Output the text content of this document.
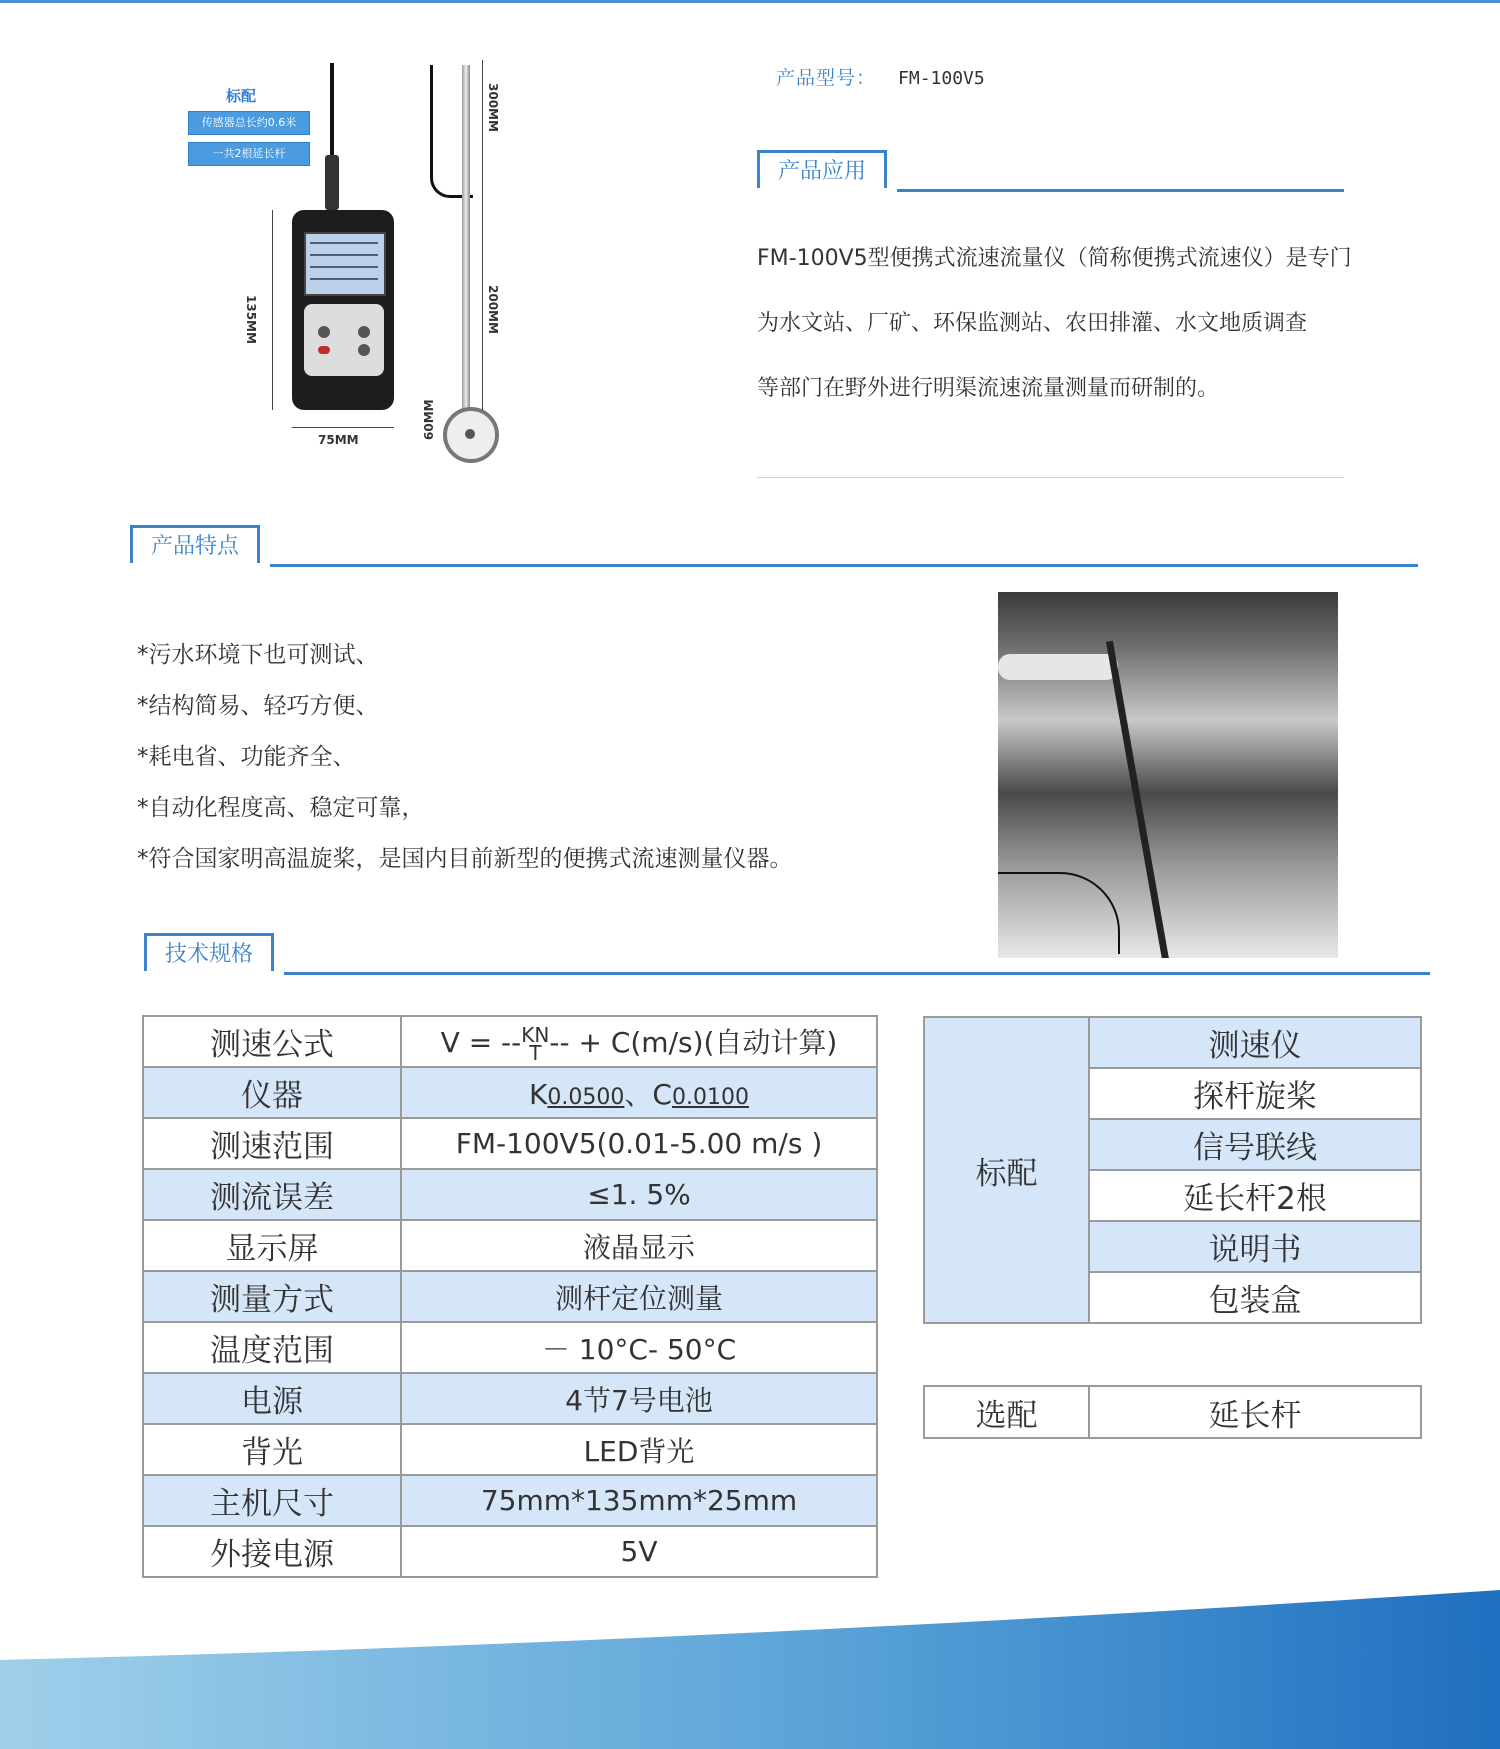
标配
传感器总长约0.6米
一共2根延长杆
135MM
75MM
300MM
200MM
60MM
产品型号： FM-100V5
产品应用
FM-100V5型便携式流速流量仪（简称便携式流速仪）是专门
为水文站、厂矿、环保监测站、农田排灌、水文地质调查
等部门在野外进行明渠流速流量测量而研制的。
产品特点
*污水环境下也可测试、
*结构简易、轻巧方便、
*耗电省、功能齐全、
*自动化程度高、稳定可靠，
*符合国家明高温旋桨，是国内目前新型的便携式流速测量仪器。
技术规格
测速公式	V = -- KN
T -- + C(m/s)(自动计算)
仪器	K0.0500、C0.0100
测速范围	FM-100V5(0.01-5.00 m/s )
测流误差	≤1. 5%
显示屏	液晶显示
测量方式	测杆定位测量
温度范围	－ 10°C- 50°C
电源	4节7号电池
背光	LED背光
主机尺寸	75mm*135mm*25mm
外接电源	5V
标配	测速仪
探杆旋桨
信号联线
延长杆2根
说明书
包装盒
选配	延长杆
